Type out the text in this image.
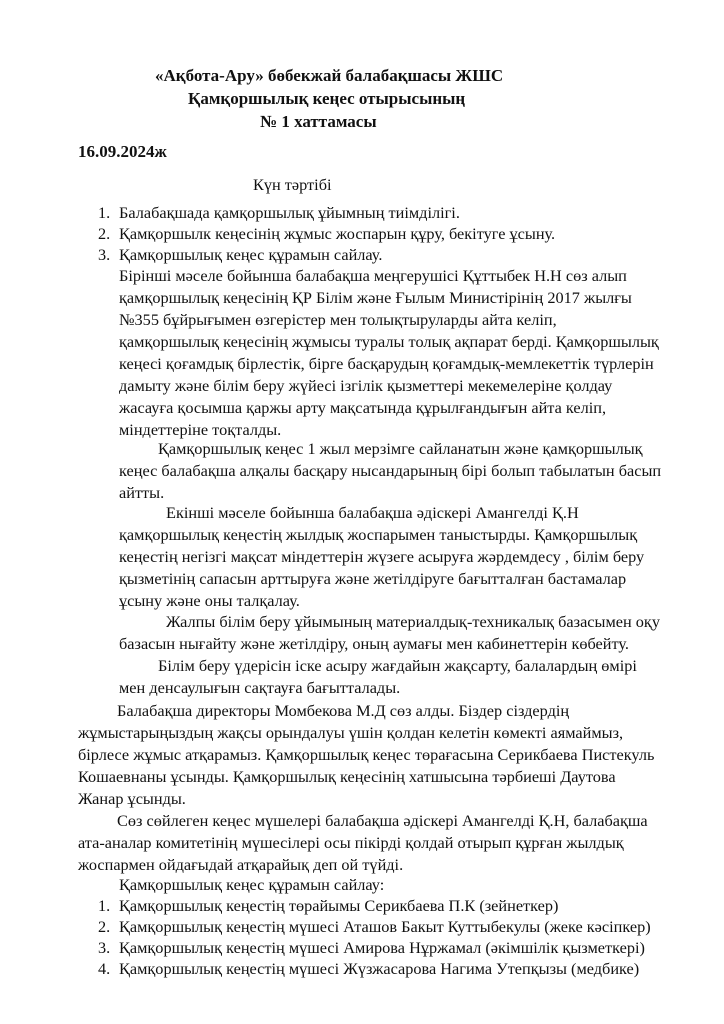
«Ақбота-Ару» бөбекжай балабақшасы ЖШС
Қамқоршылық кеңес отырысының
№ 1 хаттамасы
16.09.2024ж
Күн тәртібі
1. Балабақшада қамқоршылық ұйымның тиімділігі.
2. Қамқоршылк кеңесінің жұмыс жоспарын құру, бекітуге ұсыну.
3. Қамқоршылық кеңес құрамын сайлау.
Бірінші мәселе бойынша балабақша меңгерушісі Құттыбек Н.Н сөз алып
қамқоршылық кеңесінің ҚР Білім және Ғылым Министірінің 2017 жылғы
№355 бұйрығымен өзгерістер мен толықтыруларды айта келіп,
қамқоршылық кеңесінің жұмысы туралы толық ақпарат берді. Қамқоршылық
кеңесі қоғамдық бірлестік, бірге басқарудың қоғамдық-мемлекеттік түрлерін
дамыту және білім беру жүйесі ізгілік қызметтері мекемелеріне қолдау
жасауға қосымша қаржы арту мақсатында құрылғандығын айта келіп,
міндеттеріне тоқталды.
Қамқоршылық кеңес 1 жыл мерзімге сайланатын және қамқоршылық
кеңес балабақша алқалы басқару нысандарының бірі болып табылатын басып
айтты.
Екінші мәселе бойынша балабақша әдіскері Амангелді Қ.Н
қамқоршылық кеңестің жылдық жоспарымен таныстырды. Қамқоршылық
кеңестің негізгі мақсат міндеттерін жүзеге асыруға жәрдемдесу , білім беру
қызметінің сапасын арттыруға және жетілдіруге бағытталған бастамалар
ұсыну және оны талқалау.
Жалпы білім беру ұйымының материалдық-техникалық базасымен оқу
базасын нығайту және жетілдіру, оның аумағы мен кабинеттерін көбейту.
Білім беру үдерісін іске асыру жағдайын жақсарту, балалардың өмірі
мен денсаулығын сақтауға бағытталады.
Балабақша директоры Момбекова М.Д сөз алды. Біздер сіздердің
жұмыстарыңыздың жақсы орындалуы үшін қолдан келетін көмекті аямаймыз,
бірлесе жұмыс атқарамыз. Қамқоршылық кеңес төрағасына Серикбаева Пистекуль
Кошаевнаны ұсынды. Қамқоршылық кеңесінің хатшысына тәрбиеші Даутова
Жанар ұсынды.
Сөз сөйлеген кеңес мүшелері балабақша әдіскері Амангелді Қ.Н, балабақша
ата-аналар комитетінің мүшесілері осы пікірді қолдай отырып құрған жылдық
жоспармен ойдағыдай атқарайық деп ой түйді.
Қамқоршылық кеңес құрамын сайлау:
1. Қамқоршылық кеңестің төрайымы Серикбаева П.К (зейнеткер)
2. Қамқоршылық кеңестің мүшесі Аташов Бакыт Куттыбекулы (жеке кәсіпкер)
3. Қамқоршылық кеңестің мүшесі Амирова Нұржамал (әкімшілік қызметкері)
4. Қамқоршылық кеңестің мүшесі Жүзжасарова Нагима Утепқызы (медбике)
